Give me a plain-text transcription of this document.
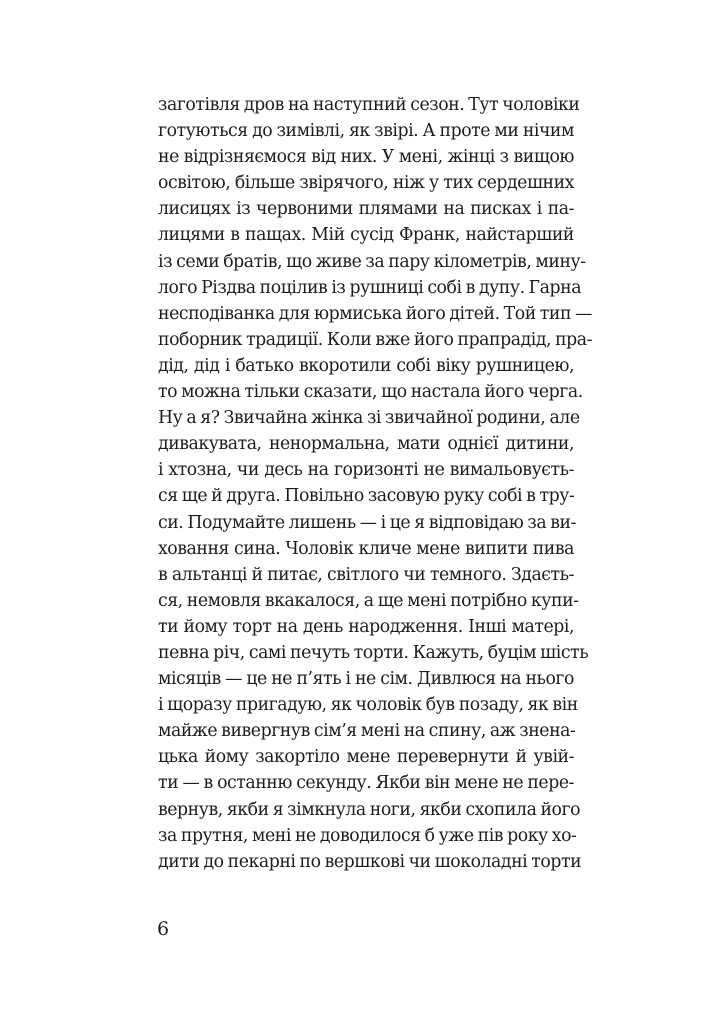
заготівля дров на наступний сезон. Тут чоловіки
готуються до зимівлі, як звірі. А проте ми нічим
не відрізняємося від них. У мені, жінці з вищою
освітою, більше звірячого, ніж у тих сердешних
лисицях із червоними плямами на писках і па-
лицями в пащах. Мій сусід Франк, найстарший
із семи братів, що живе за пару кілометрів, мину-
лого Різдва поцілив із рушниці собі в дупу. Гарна
несподіванка для юрмиська його дітей. Той тип —
поборник традиції. Коли вже його прапрадід, пра-
дід, дід і батько вкоротили собі віку рушницею,
то можна тільки сказати, що настала його черга.
Ну а я? Звичайна жінка зі звичайної родини, але
дивакувата, ненормальна, мати однієї дитини,
і хтозна, чи десь на горизонті не вимальовуєть-
ся ще й друга. Повільно засовую руку собі в тру-
си. Подумайте лишень — і це я відповідаю за ви-
ховання сина. Чоловік кличе мене випити пива
в альтанці й питає, світлого чи темного. Здаєть-
ся, немовля вкакалося, а ще мені потрібно купи-
ти йому торт на день народження. Інші матері,
певна річ, самі печуть торти. Кажуть, буцім шість
місяців — це не п’ять і не сім. Дивлюся на нього
і щоразу пригадую, як чоловік був позаду, як він
майже вивергнув сім’я мені на спину, аж знена-
цька йому закортіло мене перевернути й увій-
ти — в останню секунду. Якби він мене не пере-
вернув, якби я зімкнула ноги, якби схопила його
за прутня, мені не доводилося б уже пів року хо-
дити до пекарні по вершкові чи шоколадні торти
6
